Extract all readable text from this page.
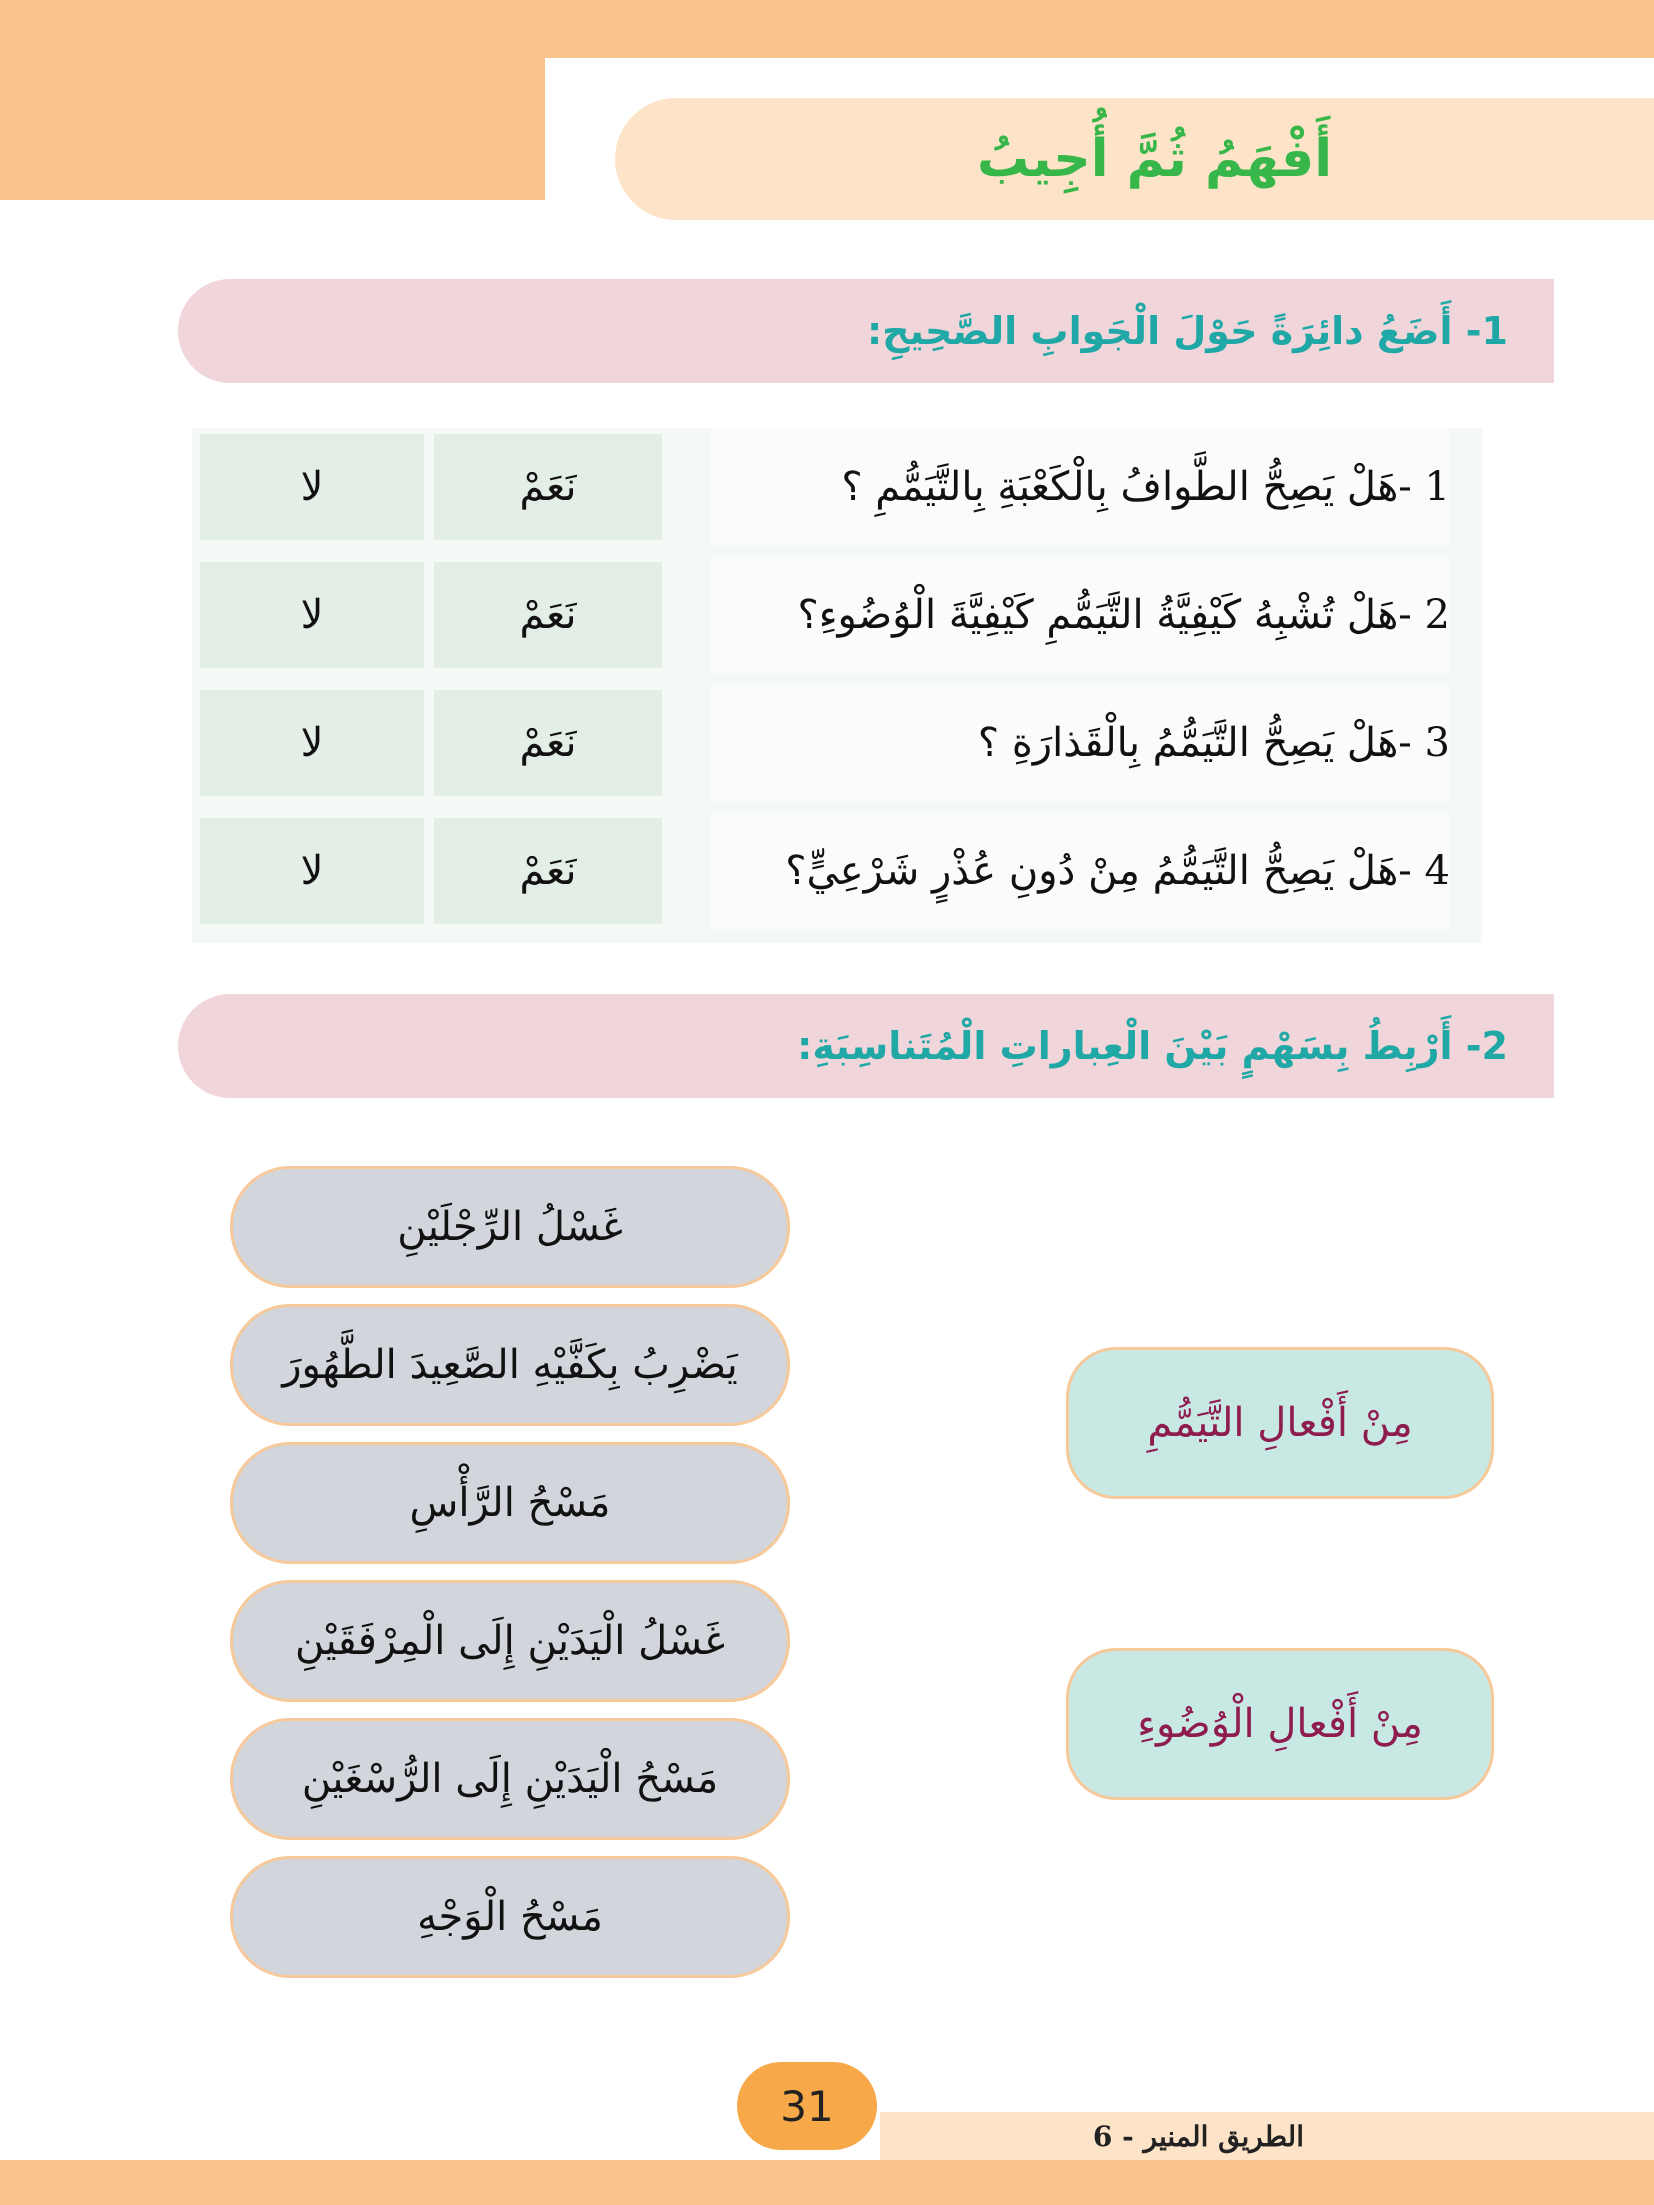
أَفْهَمُ ثُمَّ أُجِيبُ
1- أَضَعُ دائِرَةً حَوْلَ الْجَوابِ الصَّحِيحِ:
1 -هَلْ يَصِحُّ الطَّوافُ بِالْكَعْبَةِ بِالتَّيَمُّمِ ؟
نَعَمْ
لا
2 -هَلْ تُشْبِهُ كَيْفِيَّةُ التَّيَمُّمِ كَيْفِيَّةَ الْوُضُوءِ؟
نَعَمْ
لا
3 -هَلْ يَصِحُّ التَّيَمُّمُ بِالْقَذارَةِ ؟
نَعَمْ
لا
4 -هَلْ يَصِحُّ التَّيَمُّمُ مِنْ دُونِ عُذْرٍ شَرْعِيٍّ؟
نَعَمْ
لا
2- أَرْبِطُ بِسَهْمٍ بَيْنَ الْعِباراتِ الْمُتَناسِبَةِ:
غَسْلُ الرِّجْلَيْنِ
يَضْرِبُ بِكَفَّيْهِ الصَّعِيدَ الطَّهُورَ
مَسْحُ الرَّأْسِ
غَسْلُ الْيَدَيْنِ إِلَى الْمِرْفَقَيْنِ
مَسْحُ الْيَدَيْنِ إِلَى الرُّسْغَيْنِ
مَسْحُ الْوَجْهِ
مِنْ أَفْعالِ التَّيَمُّمِ
مِنْ أَفْعالِ الْوُضُوءِ
الطريق المنير - 6
31
